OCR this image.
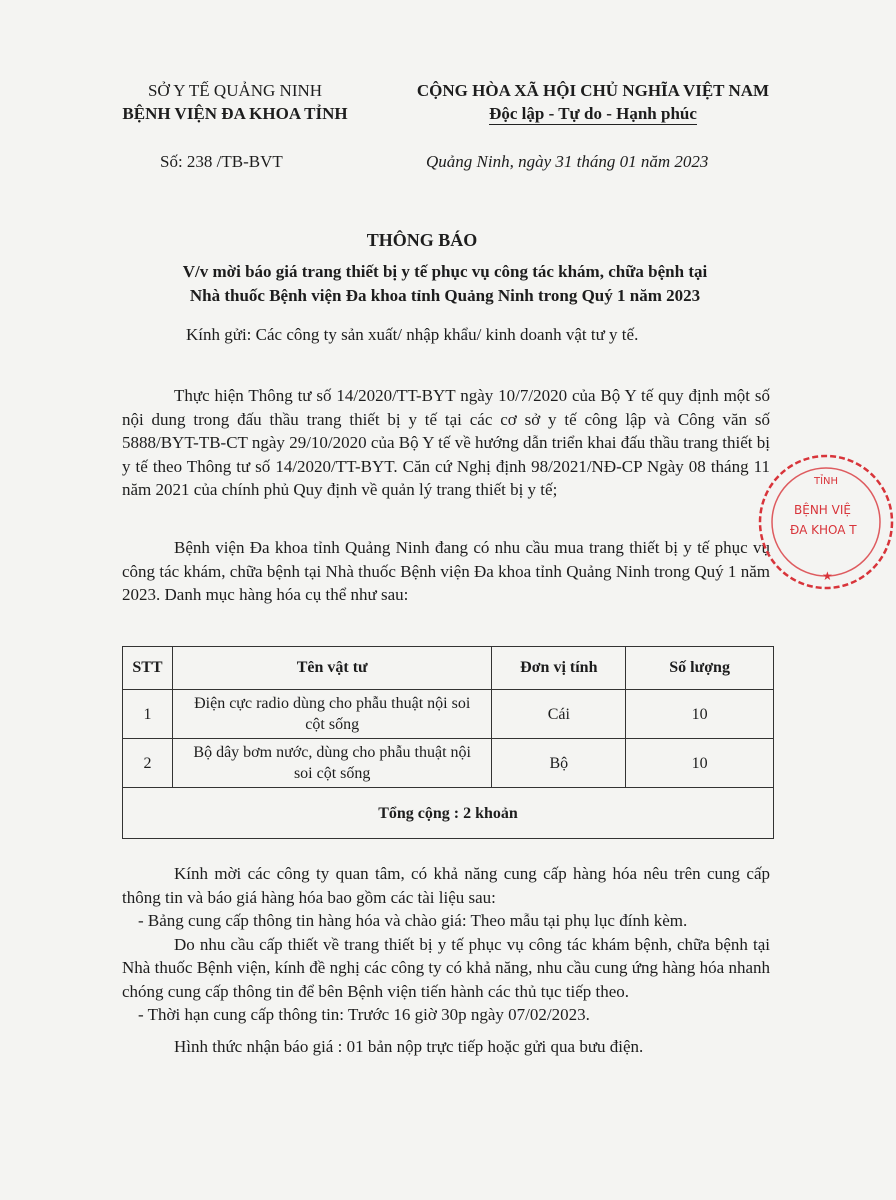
SỞ Y TẾ QUẢNG NINH
BỆNH VIỆN ĐA KHOA TỈNH
CỘNG HÒA XÃ HỘI CHỦ NGHĨA VIỆT NAM
Độc lập - Tự do - Hạnh phúc
Số: 238 /TB-BVT	Quảng Ninh, ngày 31 tháng 01 năm 2023
THÔNG BÁO
V/v mời báo giá trang thiết bị y tế phục vụ công tác khám, chữa bệnh tại
Nhà thuốc Bệnh viện Đa khoa tỉnh Quảng Ninh trong Quý 1 năm 2023
Kính gửi: Các công ty sản xuất/ nhập khẩu/ kinh doanh vật tư y tế.
Thực hiện Thông tư số 14/2020/TT-BYT ngày 10/7/2020 của Bộ Y tế quy định một số nội dung trong đấu thầu trang thiết bị y tế tại các cơ sở y tế công lập và Công văn số 5888/BYT-TB-CT ngày 29/10/2020 của Bộ Y tế về hướng dẫn triển khai đấu thầu trang thiết bị y tế theo Thông tư số 14/2020/TT-BYT. Căn cứ Nghị định 98/2021/NĐ-CP Ngày 08 tháng 11 năm 2021 của chính phủ Quy định về quản lý trang thiết bị y tế;
Bệnh viện Đa khoa tỉnh Quảng Ninh đang có nhu cầu mua trang thiết bị y tế phục vụ công tác khám, chữa bệnh tại Nhà thuốc Bệnh viện Đa khoa tỉnh Quảng Ninh trong Quý 1 năm 2023. Danh mục hàng hóa cụ thể như sau:
STT	Tên vật tư	Đơn vị tính	Số lượng
1	Điện cực radio dùng cho phẫu thuật nội soi cột sống	Cái	10
2	Bộ dây bơm nước, dùng cho phẫu thuật nội soi cột sống	Bộ	10
Tổng cộng : 2 khoản			
Kính mời các công ty quan tâm, có khả năng cung cấp hàng hóa nêu trên cung cấp thông tin và báo giá hàng hóa bao gồm các tài liệu sau:
- Bảng cung cấp thông tin hàng hóa và chào giá: Theo mẫu tại phụ lục đính kèm.
Do nhu cầu cấp thiết về trang thiết bị y tế phục vụ công tác khám bệnh, chữa bệnh tại Nhà thuốc Bệnh viện, kính đề nghị các công ty có khả năng, nhu cầu cung ứng hàng hóa nhanh chóng cung cấp thông tin để bên Bệnh viện tiến hành các thủ tục tiếp theo.
- Thời hạn cung cấp thông tin: Trước 16 giờ 30p ngày 07/02/2023.
Hình thức nhận báo giá : 01 bản nộp trực tiếp hoặc gửi qua bưu điện.
TỈNH
BỆNH VIỆ
ĐA KHOA T
★
